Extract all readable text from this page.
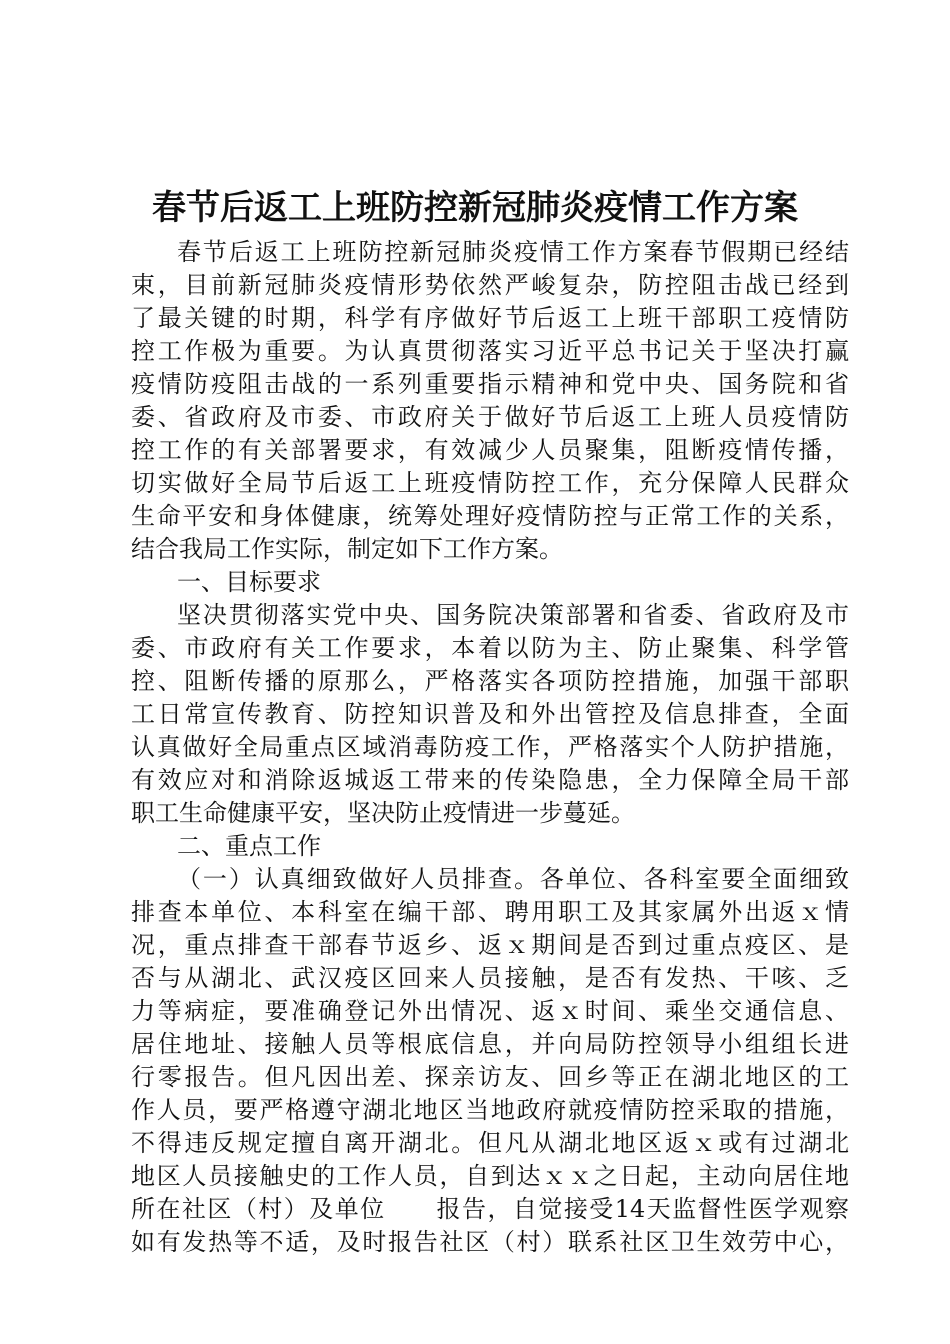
春节后返工上班防控新冠肺炎疫情工作方案
春节后返工上班防控新冠肺炎疫情工作方案春节假期已经结
束，目前新冠肺炎疫情形势依然严峻复杂，防控阻击战已经到
了最关键的时期，科学有序做好节后返工上班干部职工疫情防
控工作极为重要。为认真贯彻落实习近平总书记关于坚决打赢
疫情防疫阻击战的一系列重要指示精神和党中央、国务院和省
委、省政府及市委、市政府关于做好节后返工上班人员疫情防
控工作的有关部署要求，有效减少人员聚集，阻断疫情传播，
切实做好全局节后返工上班疫情防控工作，充分保障人民群众
生命平安和身体健康，统筹处理好疫情防控与正常工作的关系，
结合我局工作实际，制定如下工作方案。
一、目标要求
坚决贯彻落实党中央、国务院决策部署和省委、省政府及市
委、市政府有关工作要求，本着以防为主、防止聚集、科学管
控、阻断传播的原那么，严格落实各项防控措施，加强干部职
工日常宣传教育、防控知识普及和外出管控及信息排查，全面
认真做好全局重点区域消毒防疫工作，严格落实个人防护措施，
有效应对和消除返城返工带来的传染隐患，全力保障全局干部
职工生命健康平安，坚决防止疫情进一步蔓延。
二、重点工作
（一）认真细致做好人员排查。各单位、各科室要全面细致
排查本单位、本科室在编干部、聘用职工及其家属外出返ｘ情
况，重点排查干部春节返乡、返ｘ期间是否到过重点疫区、是
否与从湖北、武汉疫区回来人员接触，是否有发热、干咳、乏
力等病症，要准确登记外出情况、返ｘ时间、乘坐交通信息、
居住地址、接触人员等根底信息，并向局防控领导小组组长进
行零报告。但凡因出差、探亲访友、回乡等正在湖北地区的工
作人员，要严格遵守湖北地区当地政府就疫情防控采取的措施，
不得违反规定擅自离开湖北。但凡从湖北地区返ｘ或有过湖北
地区人员接触史的工作人员，自到达ｘｘ之日起，主动向居住地
所在社区（村）及单位　　报告，自觉接受14天监督性医学观察
如有发热等不适，及时报告社区（村）联系社区卫生效劳中心，
